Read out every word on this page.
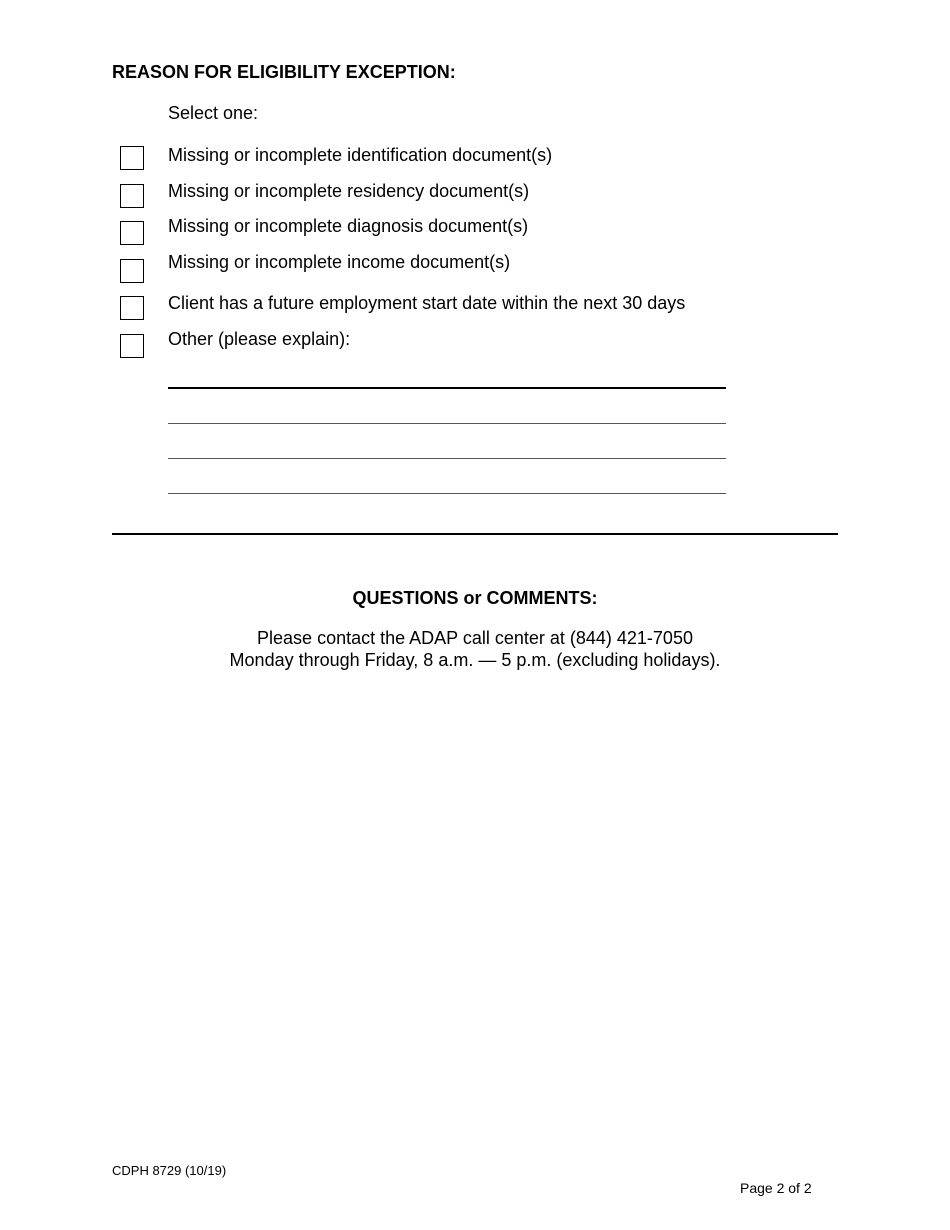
REASON FOR ELIGIBILITY EXCEPTION:
Select one:
Missing or incomplete identification document(s)
Missing or incomplete residency document(s)
Missing or incomplete diagnosis document(s)
Missing or incomplete income document(s)
Client has a future employment start date within the next 30 days
Other (please explain):
QUESTIONS or COMMENTS:
Please contact the ADAP call center at (844) 421-7050
Monday through Friday, 8 a.m. — 5 p.m. (excluding holidays).
CDPH 8729 (10/19)
Page 2 of 2
